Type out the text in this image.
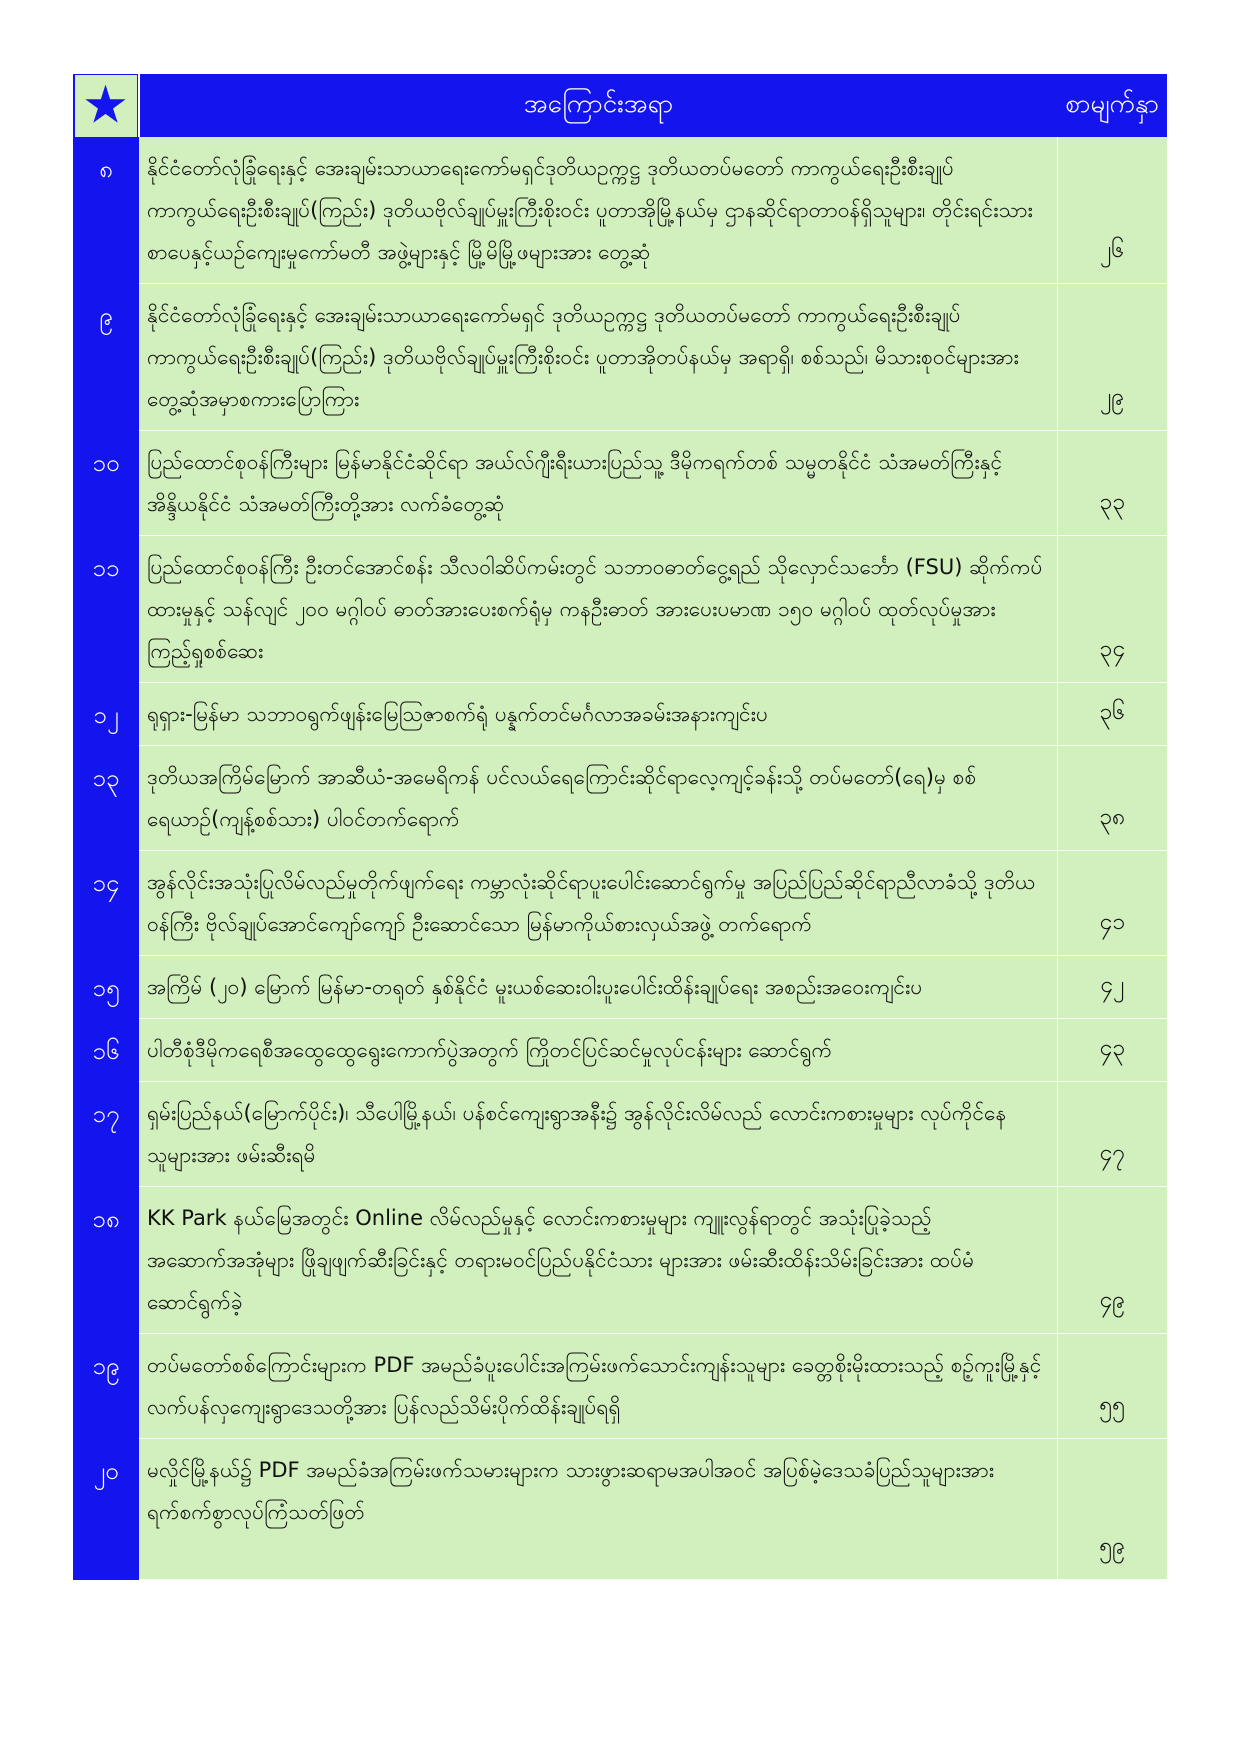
	အကြောင်းအရာ	စာမျက်နှာ
၈	နိုင်ငံတော်လုံခြုံရေးနှင့် အေးချမ်းသာယာရေးကော်မရှင်ဒုတိယဥက္ကဋ္ဌ ဒုတိယတပ်မတော် ကာကွယ်ရေးဦးစီးချုပ် ကာကွယ်ရေးဦးစီးချုပ်(ကြည်း) ဒုတိယဗိုလ်ချုပ်မှူးကြီးစိုးဝင်း ပူတာအိုမြို့နယ်မှ ဌာနဆိုင်ရာတာဝန်ရှိသူများ၊ တိုင်းရင်းသားစာပေနှင့်ယဉ်ကျေးမှုကော်မတီ အဖွဲ့များနှင့် မြို့မိမြို့ဖများအား တွေ့ဆုံ	၂၆
၉	နိုင်ငံတော်လုံခြုံရေးနှင့် အေးချမ်းသာယာရေးကော်မရှင် ဒုတိယဥက္ကဋ္ဌ ဒုတိယတပ်မတော် ကာကွယ်ရေးဦးစီးချုပ် ကာကွယ်ရေးဦးစီးချုပ်(ကြည်း) ဒုတိယဗိုလ်ချုပ်မှူးကြီးစိုးဝင်း ပူတာအိုတပ်နယ်မှ အရာရှိ၊ စစ်သည်၊ မိသားစုဝင်များအား တွေ့ဆုံအမှာစကားပြောကြား	၂၉
၁၀	ပြည်ထောင်စုဝန်ကြီးများ မြန်မာနိုင်ငံဆိုင်ရာ အယ်လ်ဂျီးရီးယားပြည်သူ့ ဒီမိုကရက်တစ် သမ္မတနိုင်ငံ သံအမတ်ကြီးနှင့် အိန္ဒိယနိုင်ငံ သံအမတ်ကြီးတို့အား လက်ခံတွေ့ဆုံ	၃၃
၁၁	ပြည်ထောင်စုဝန်ကြီး ဦးတင်အောင်စန်း သီလဝါဆိပ်ကမ်းတွင် သဘာဝဓာတ်ငွေ့ရည် သိုလှောင်သင်္ဘော (FSU) ဆိုက်ကပ်ထားမှုနှင့် သန်လျင် ၂၀၀ မဂ္ဂါဝပ် ဓာတ်အားပေးစက်ရုံမှ ကနဦးဓာတ် အားပေးပမာဏ ၁၅၀ မဂ္ဂါဝပ် ထုတ်လုပ်မှုအား ကြည့်ရှုစစ်ဆေး	၃၄
၁၂	ရုရှား-မြန်မာ သဘာဝရွက်ဖျန်းမြေဩဇာစက်ရုံ ပန္နက်တင်မင်္ဂလာအခမ်းအနားကျင်းပ	၃၆
၁၃	ဒုတိယအကြိမ်မြောက် အာဆီယံ-အမေရိကန် ပင်လယ်ရေကြောင်းဆိုင်ရာလေ့ကျင့်ခန်းသို့ တပ်မတော်(ရေ)မှ စစ်ရေယာဉ်(ကျန့်စစ်သား) ပါဝင်တက်ရောက်	၃၈
၁၄	အွန်လိုင်းအသုံးပြုလိမ်လည်မှုတိုက်ဖျက်ရေး ကမ္ဘာလုံးဆိုင်ရာပူးပေါင်းဆောင်ရွက်မှု အပြည်ပြည်ဆိုင်ရာညီလာခံသို့ ဒုတိယဝန်ကြီး ဗိုလ်ချုပ်အောင်ကျော်ကျော် ဦးဆောင်သော မြန်မာကိုယ်စားလှယ်အဖွဲ့ တက်ရောက်	၄၁
၁၅	အကြိမ် (၂၀) မြောက် မြန်မာ-တရုတ် နှစ်နိုင်ငံ မူးယစ်ဆေးဝါးပူးပေါင်းထိန်းချုပ်ရေး အစည်းအဝေးကျင်းပ	၄၂
၁၆	ပါတီစုံဒီမိုကရေစီအထွေထွေရွေးကောက်ပွဲအတွက် ကြိုတင်ပြင်ဆင်မှုလုပ်ငန်းများ ဆောင်ရွက်	၄၃
၁၇	ရှမ်းပြည်နယ်(မြောက်ပိုင်း)၊ သီပေါမြို့နယ်၊ ပန်စင်ကျေးရွာအနီး၌ အွန်လိုင်းလိမ်လည် လောင်းကစားမှုများ လုပ်ကိုင်နေသူများအား ဖမ်းဆီးရမိ	၄၇
၁၈	KK Park နယ်မြေအတွင်း Online လိမ်လည်မှုနှင့် လောင်းကစားမှုများ ကျူးလွန်ရာတွင် အသုံးပြုခဲ့သည့် အဆောက်အအုံများ ဖြိုချဖျက်ဆီးခြင်းနှင့် တရားမဝင်ပြည်ပနိုင်ငံသား များအား ဖမ်းဆီးထိန်းသိမ်းခြင်းအား ထပ်မံဆောင်ရွက်ခဲ့	၄၉
၁၉	တပ်မတော်စစ်ကြောင်းများက PDF အမည်ခံပူးပေါင်းအကြမ်းဖက်သောင်းကျန်းသူများ ခေတ္တစိုးမိုးထားသည့် စဉ့်ကူးမြို့နှင့် လက်ပန်လှကျေးရွာဒေသတို့အား ပြန်လည်သိမ်းပိုက်ထိန်းချုပ်ရရှိ	၅၅
၂၀	မလှိုင်မြို့နယ်၌ PDF အမည်ခံအကြမ်းဖက်သမားများက သားဖွားဆရာမအပါအဝင် အပြစ်မဲ့ဒေသခံပြည်သူများအား ရက်စက်စွာလုပ်ကြံသတ်ဖြတ်	၅၉
